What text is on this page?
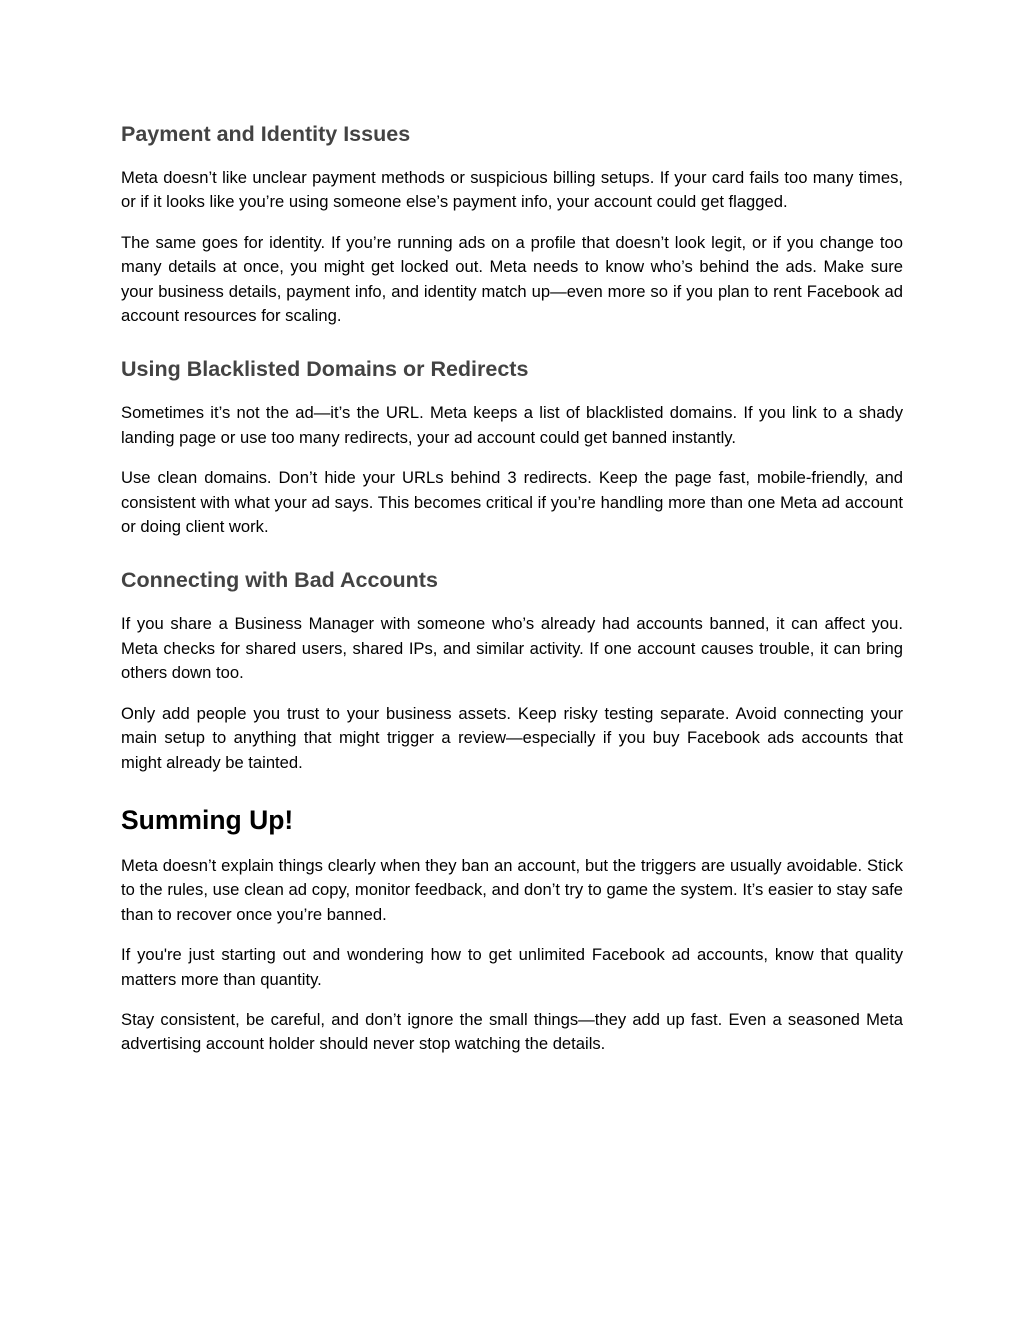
Payment and Identity Issues

Meta doesn’t like unclear payment methods or suspicious billing setups. If your card fails too many times, or if it looks like you’re using someone else’s payment info, your account could get flagged.

The same goes for identity. If you’re running ads on a profile that doesn’t look legit, or if you change too many details at once, you might get locked out. Meta needs to know who’s behind the ads. Make sure your business details, payment info, and identity match up—even more so if you plan to rent Facebook ad account resources for scaling.

Using Blacklisted Domains or Redirects

Sometimes it’s not the ad—it’s the URL. Meta keeps a list of blacklisted domains. If you link to a shady landing page or use too many redirects, your ad account could get banned instantly.

Use clean domains. Don’t hide your URLs behind 3 redirects. Keep the page fast, mobile-friendly, and consistent with what your ad says. This becomes critical if you’re handling more than one Meta ad account or doing client work.

Connecting with Bad Accounts

If you share a Business Manager with someone who’s already had accounts banned, it can affect you. Meta checks for shared users, shared IPs, and similar activity. If one account causes trouble, it can bring others down too.

Only add people you trust to your business assets. Keep risky testing separate. Avoid connecting your main setup to anything that might trigger a review—especially if you buy Facebook ads accounts that might already be tainted.

Summing Up!

Meta doesn’t explain things clearly when they ban an account, but the triggers are usually avoidable. Stick to the rules, use clean ad copy, monitor feedback, and don’t try to game the system. It’s easier to stay safe than to recover once you’re banned.

If you're just starting out and wondering how to get unlimited Facebook ad accounts, know that quality matters more than quantity.

Stay consistent, be careful, and don’t ignore the small things—they add up fast. Even a seasoned Meta advertising account holder should never stop watching the details.
